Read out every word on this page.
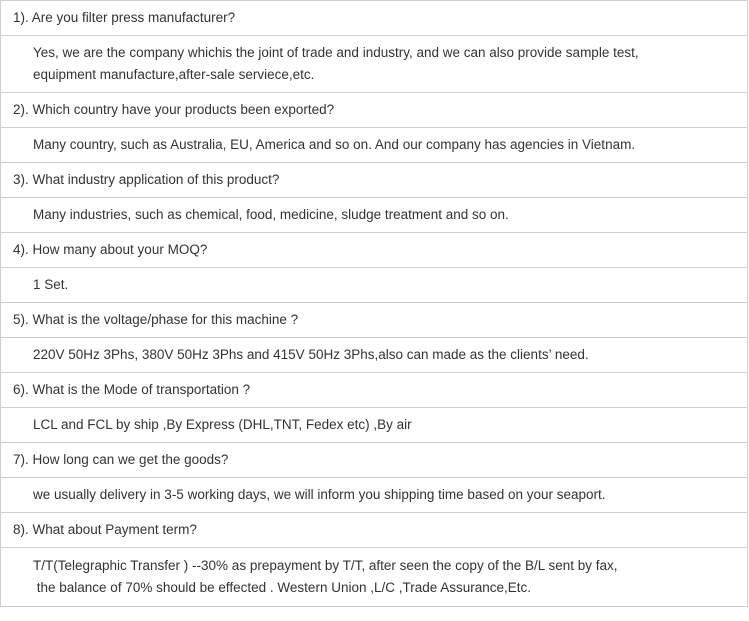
1). Are you filter press manufacturer?

Yes, we are the company whichis the joint of trade and industry, and we can also provide sample test,
equipment manufacture,after-sale serviece,etc.

2). Which country have your products been exported?

Many country, such as Australia, EU, America and so on. And our company has agencies in Vietnam.

3). What industry application of this product?

Many industries, such as chemical, food, medicine, sludge treatment and so on.

4). How many about your MOQ?

1 Set.

5). What is the voltage/phase for this machine ?

220V 50Hz 3Phs, 380V 50Hz 3Phs and 415V 50Hz 3Phs,also can made as the clients’ need.

6). What is the Mode of transportation ?

LCL and FCL by ship ,By Express (DHL,TNT, Fedex etc) ,By air

7). How long can we get the goods?

we usually delivery in 3-5 working days, we will inform you shipping time based on your seaport.

8). What about Payment term?

T/T(Telegraphic Transfer ) --30% as prepayment by T/T, after seen the copy of the B/L sent by fax,
the balance of 70% should be effected . Western Union ,L/C ,Trade Assurance,Etc.
